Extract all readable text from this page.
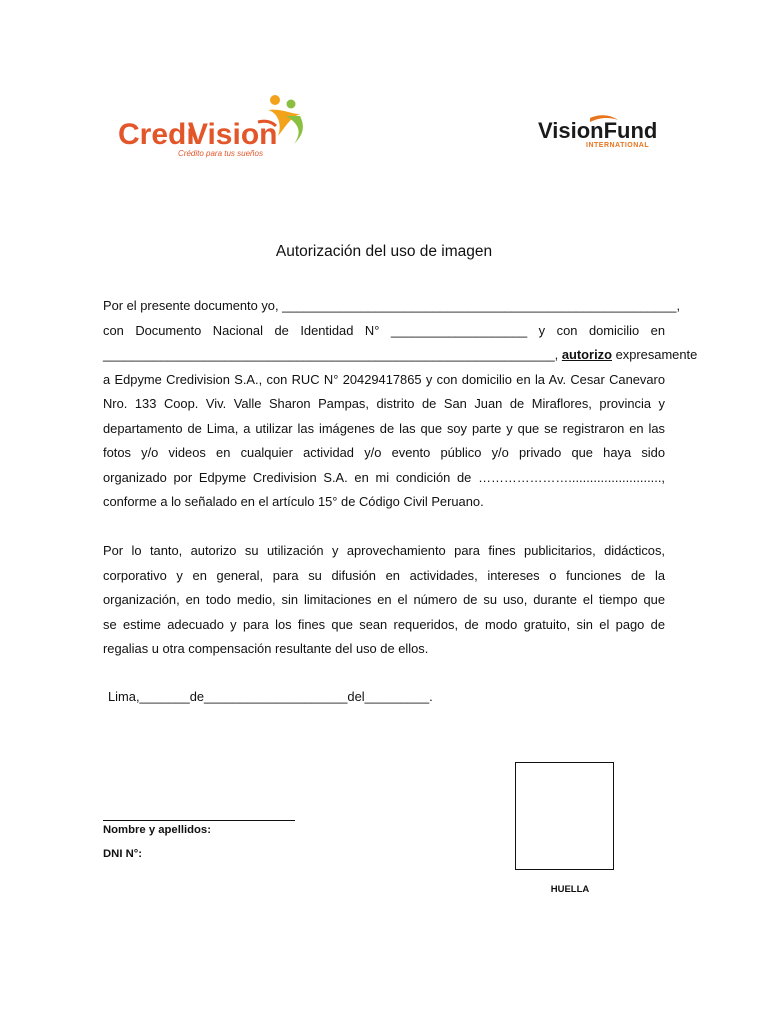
Credi
Vision
Crédito para tus sueños
VisionFund
INTERNATIONAL
Autorización del uso de imagen
Por el presente documento yo, _______________________________________________________,
con Documento Nacional de Identidad N° ___________________ y con domicilio en
_______________________________________________________________, autorizo expresamente
a Edpyme Credivision S.A., con RUC N° 20429417865 y con domicilio en la Av. Cesar Canevaro
Nro. 133 Coop. Viv. Valle Sharon Pampas, distrito de San Juan de Miraflores, provincia y
departamento de Lima, a utilizar las imágenes de las que soy parte y que se registraron en las
fotos y/o videos en cualquier actividad y/o evento público y/o privado que haya sido
organizado por Edpyme Credivision S.A. en mi condición de …………………..........................,
conforme a lo señalado en el artículo 15° de Código Civil Peruano.
Por lo tanto, autorizo su utilización y aprovechamiento para fines publicitarios, didácticos,
corporativo y en general, para su difusión en actividades, intereses o funciones de la
organización, en todo medio, sin limitaciones en el número de su uso, durante el tiempo que
se estime adecuado y para los fines que sean requeridos, de modo gratuito, sin el pago de
regalias u otra compensación resultante del uso de ellos.
Lima,_______de____________________del_________.
Nombre y apellidos:
DNI N°:
HUELLA
